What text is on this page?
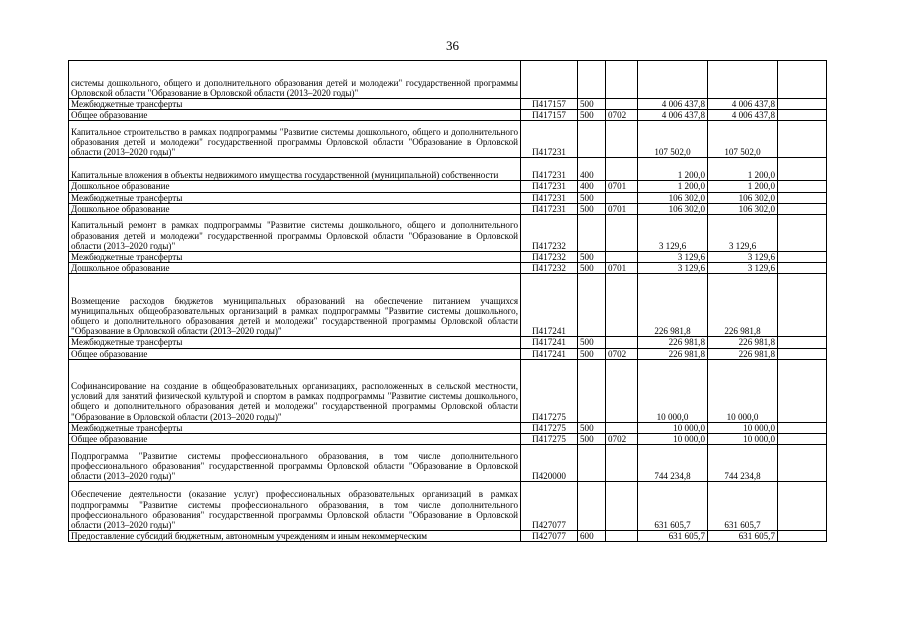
36
системы дошкольного, общего и дополнительного образования детей и молодежи" государственной программы Орловской области "Образование в Орловской области (2013–2020 годы)"						
Межбюджетные трансферты	П417157	500		4 006 437,8	4 006 437,8	
Общее образование	П417157	500	0702	4 006 437,8	4 006 437,8	
Капитальное строительство в рамках подпрограммы "Развитие системы дошкольного, общего и дополнительного образования детей и молодежи" государственной программы Орловской области "Образование в Орловской области (2013–2020 годы)"	П417231			107 502,0	107 502,0	
Капитальные вложения в объекты недвижимого имущества государственной (муниципальной) собственности	П417231	400		1 200,0	1 200,0	
Дошкольное образование	П417231	400	0701	1 200,0	1 200,0	
Межбюджетные трансферты	П417231	500		106 302,0	106 302,0	
Дошкольное образование	П417231	500	0701	106 302,0	106 302,0	
Капитальный ремонт в рамках подпрограммы "Развитие системы дошкольного, общего и дополнительного образования детей и молодежи" государственной программы Орловской области "Образование в Орловской области (2013–2020 годы)"	П417232			3 129,6	3 129,6	
Межбюджетные трансферты	П417232	500		3 129,6	3 129,6	
Дошкольное образование	П417232	500	0701	3 129,6	3 129,6	
Возмещение расходов бюджетов муниципальных образований на обеспечение питанием учащихся муниципальных общеобразовательных организаций в рамках подпрограммы "Развитие системы дошкольного, общего и дополнительного образования детей и молодежи" государственной программы Орловской области "Образование в Орловской области (2013–2020 годы)"	П417241			226 981,8	226 981,8	
Межбюджетные трансферты	П417241	500		226 981,8	226 981,8	
Общее образование	П417241	500	0702	226 981,8	226 981,8	
Софинансирование на создание в общеобразовательных организациях, расположенных в сельской местности, условий для занятий физической культурой и спортом в рамках подпрограммы "Развитие системы дошкольного, общего и дополнительного образования детей и молодежи" государственной программы Орловской области "Образование в Орловской области (2013–2020 годы)"	П417275			10 000,0	10 000,0	
Межбюджетные трансферты	П417275	500		10 000,0	10 000,0	
Общее образование	П417275	500	0702	10 000,0	10 000,0	
Подпрограмма "Развитие системы профессионального образования, в том числе дополнительного профессионального образования" государственной программы Орловской области "Образование в Орловской области (2013–2020 годы)"	П420000			744 234,8	744 234,8	
Обеспечение деятельности (оказание услуг) профессиональных образовательных организаций в рамках подпрограммы "Развитие системы профессионального образования, в том числе дополнительного профессионального образования" государственной программы Орловской области "Образование в Орловской области (2013–2020 годы)"	П427077			631 605,7	631 605,7	
Предоставление субсидий бюджетным, автономным учреждениям и иным некоммерческим	П427077	600		631 605,7	631 605,7	
